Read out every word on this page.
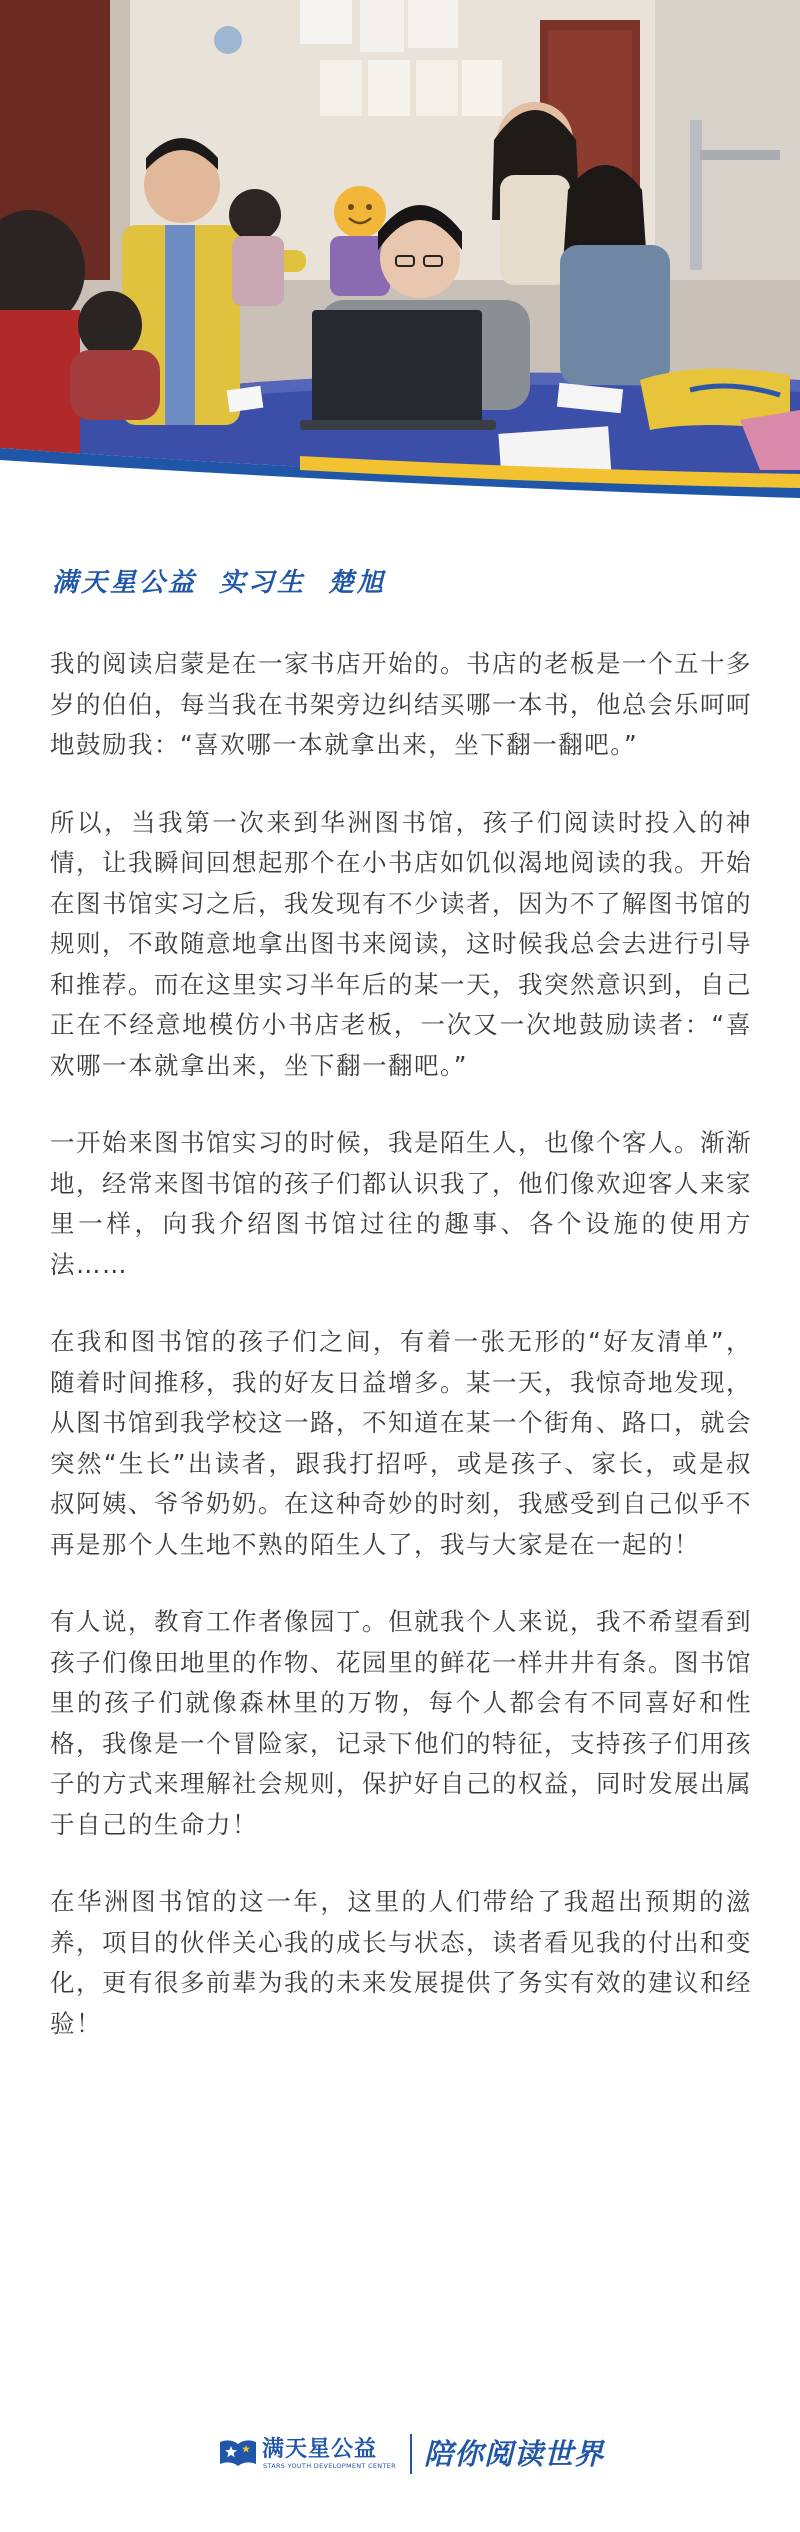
满天星公益 实习生 楚旭

我的阅读启蒙是在一家书店开始的。书店的老板是一个五十多岁的伯伯，每当我在书架旁边纠结买哪一本书，他总会乐呵呵地鼓励我：“喜欢哪一本就拿出来，坐下翻一翻吧。”

所以，当我第一次来到华洲图书馆，孩子们阅读时投入的神情，让我瞬间回想起那个在小书店如饥似渴地阅读的我。开始在图书馆实习之后，我发现有不少读者，因为不了解图书馆的规则，不敢随意地拿出图书来阅读，这时候我总会去进行引导和推荐。而在这里实习半年后的某一天，我突然意识到，自己正在不经意地模仿小书店老板，一次又一次地鼓励读者：“喜欢哪一本就拿出来，坐下翻一翻吧。”

一开始来图书馆实习的时候，我是陌生人，也像个客人。渐渐地，经常来图书馆的孩子们都认识我了，他们像欢迎客人来家里一样，向我介绍图书馆过往的趣事、各个设施的使用方法……

在我和图书馆的孩子们之间，有着一张无形的“好友清单”，随着时间推移，我的好友日益增多。某一天，我惊奇地发现，从图书馆到我学校这一路，不知道在某一个街角、路口，就会突然“生长”出读者，跟我打招呼，或是孩子、家长，或是叔叔阿姨、爷爷奶奶。在这种奇妙的时刻，我感受到自己似乎不再是那个人生地不熟的陌生人了，我与大家是在一起的！

有人说，教育工作者像园丁。但就我个人来说，我不希望看到孩子们像田地里的作物、花园里的鲜花一样井井有条。图书馆里的孩子们就像森林里的万物，每个人都会有不同喜好和性格，我像是一个冒险家，记录下他们的特征，支持孩子们用孩子的方式来理解社会规则，保护好自己的权益，同时发展出属于自己的生命力！

在华洲图书馆的这一年，这里的人们带给了我超出预期的滋养，项目的伙伴关心我的成长与状态，读者看见我的付出和变化，更有很多前辈为我的未来发展提供了务实有效的建议和经验！

满天星公益
STARS YOUTH DEVELOPMENT CENTER 陪你阅读世界
